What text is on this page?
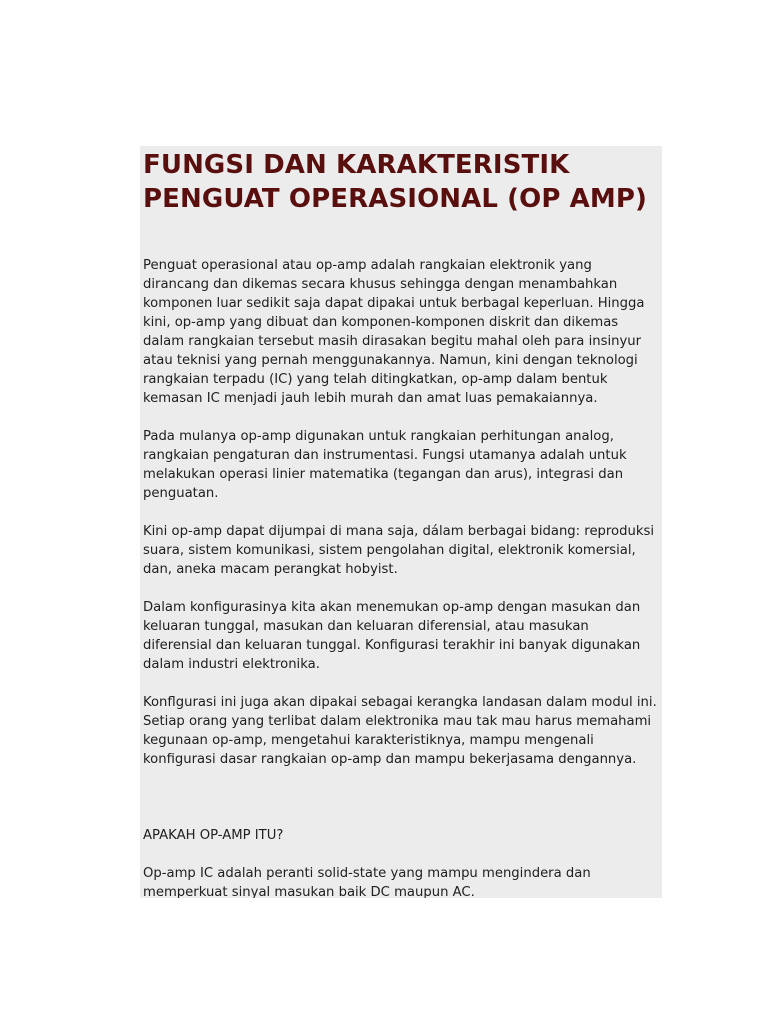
FUNGSI DAN KARAKTERISTIK PENGUAT OPERASIONAL (OP AMP)

Penguat operasional atau op-amp adalah rangkaian elektronik yang dirancang dan dikemas secara khusus sehingga dengan menambahkan komponen luar sedikit saja dapat dipakai untuk berbagal keperluan. Hingga kini, op-amp yang dibuat dan komponen-komponen diskrit dan dikemas dalam rangkaian tersebut masih dirasakan begitu mahal oleh para insinyur atau teknisi yang pernah menggunakannya. Namun, kini dengan teknologi rangkaian terpadu (IC) yang telah ditingkatkan, op-amp dalam bentuk kemasan IC menjadi jauh lebih murah dan amat luas pemakaiannya.

Pada mulanya op-amp digunakan untuk rangkaian perhitungan analog, rangkaian pengaturan dan instrumentasi. Fungsi utamanya adalah untuk melakukan operasi linier matematika (tegangan dan arus), integrasi dan penguatan.

Kini op-amp dapat dijumpai di mana saja, dálam berbagai bidang: reproduksi suara, sistem komunikasi, sistem pengolahan digital, elektronik komersial, dan, aneka macam perangkat hobyist.

Dalam konfigurasinya kita akan menemukan op-amp dengan masukan dan keluaran tunggal, masukan dan keluaran diferensial, atau masukan diferensial dan keluaran tunggal. Konfigurasi terakhir ini banyak digunakan dalam industri elektronika.

Konflgurasi ini juga akan dipakai sebagai kerangka landasan dalam modul ini. Setiap orang yang terlibat dalam elektronika mau tak mau harus memahami kegunaan op-amp, mengetahui karakteristiknya, mampu mengenali konfigurasi dasar rangkaian op-amp dan mampu bekerjasama dengannya.

APAKAH OP-AMP ITU?

Op-amp IC adalah peranti solid-state yang mampu mengindera dan memperkuat sinyal masukan baik DC maupun AC.
